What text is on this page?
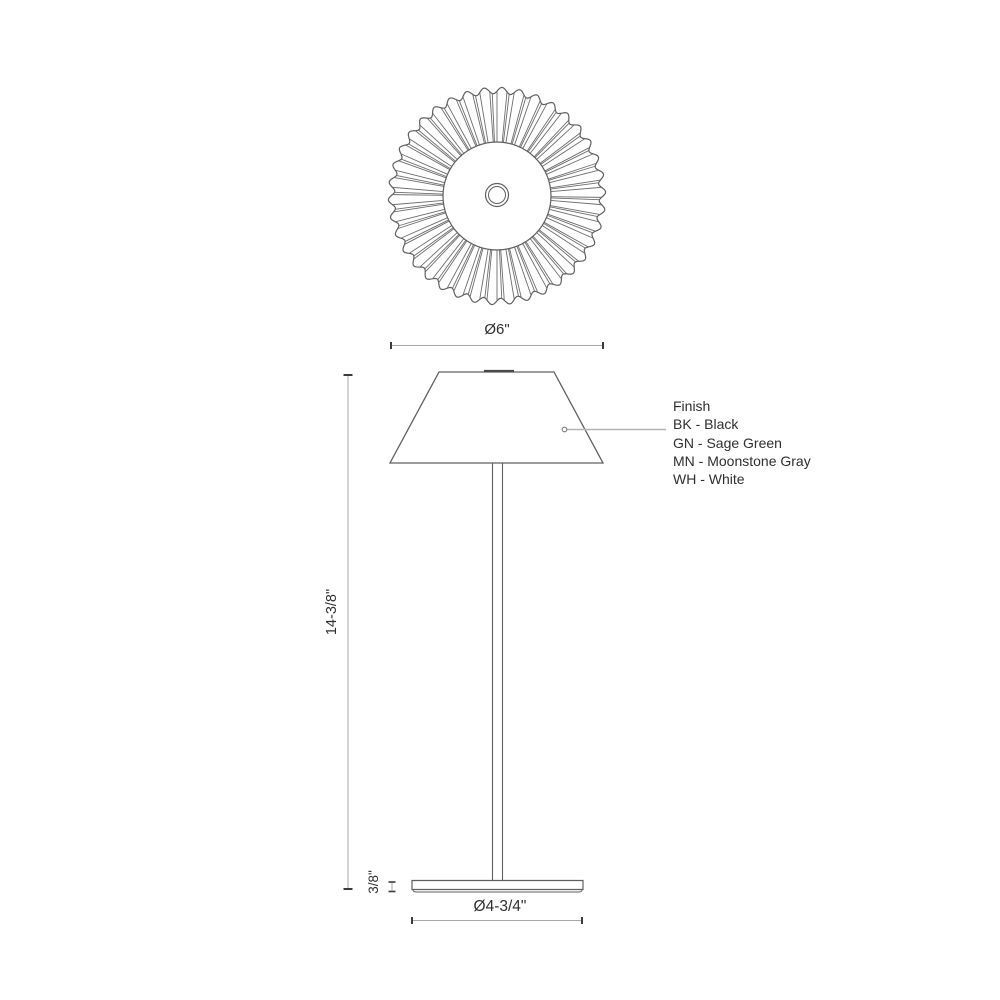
Ø6"
14-3/8"
3/8"
Ø4-3/4"
Finish
BK - Black
GN - Sage Green
MN - Moonstone Gray
WH - White
